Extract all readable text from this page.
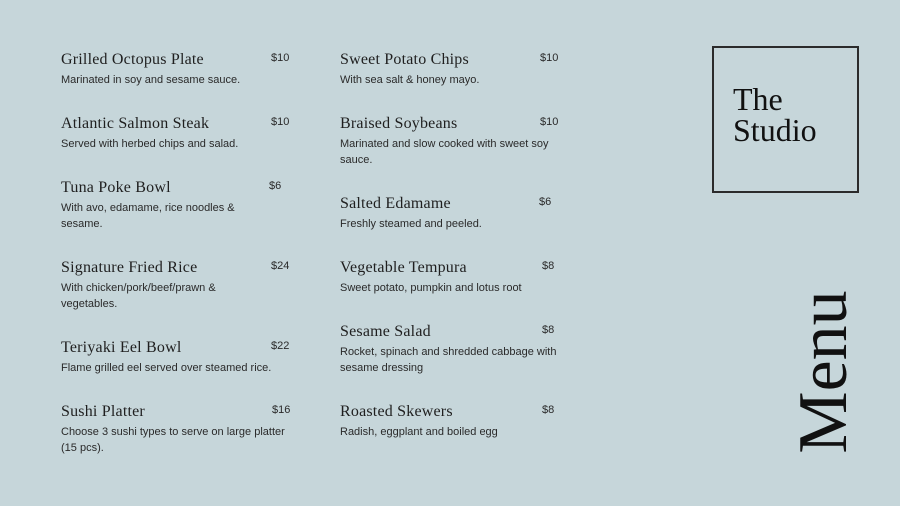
Grilled Octopus Plate	$10
Marinated in soy and sesame sauce.
Atlantic Salmon Steak	$10
Served with herbed chips and salad.
Tuna Poke Bowl	$6
With avo, edamame, rice noodles & sesame.
Signature Fried Rice	$24
With chicken/pork/beef/prawn & vegetables.
Teriyaki Eel Bowl	$22
Flame grilled eel served over steamed rice.
Sushi Platter	$16
Choose 3 sushi types to serve on large platter (15 pcs).
Sweet Potato Chips	$10
With sea salt & honey mayo.
Braised Soybeans	$10
Marinated and slow cooked with sweet soy sauce.
Salted Edamame	$6
Freshly steamed and peeled.
Vegetable Tempura	$8
Sweet potato, pumpkin and lotus root
Sesame Salad	$8
Rocket, spinach and shredded cabbage with sesame dressing
Roasted Skewers	$8
Radish, eggplant and boiled egg
The
Studio
Menu
